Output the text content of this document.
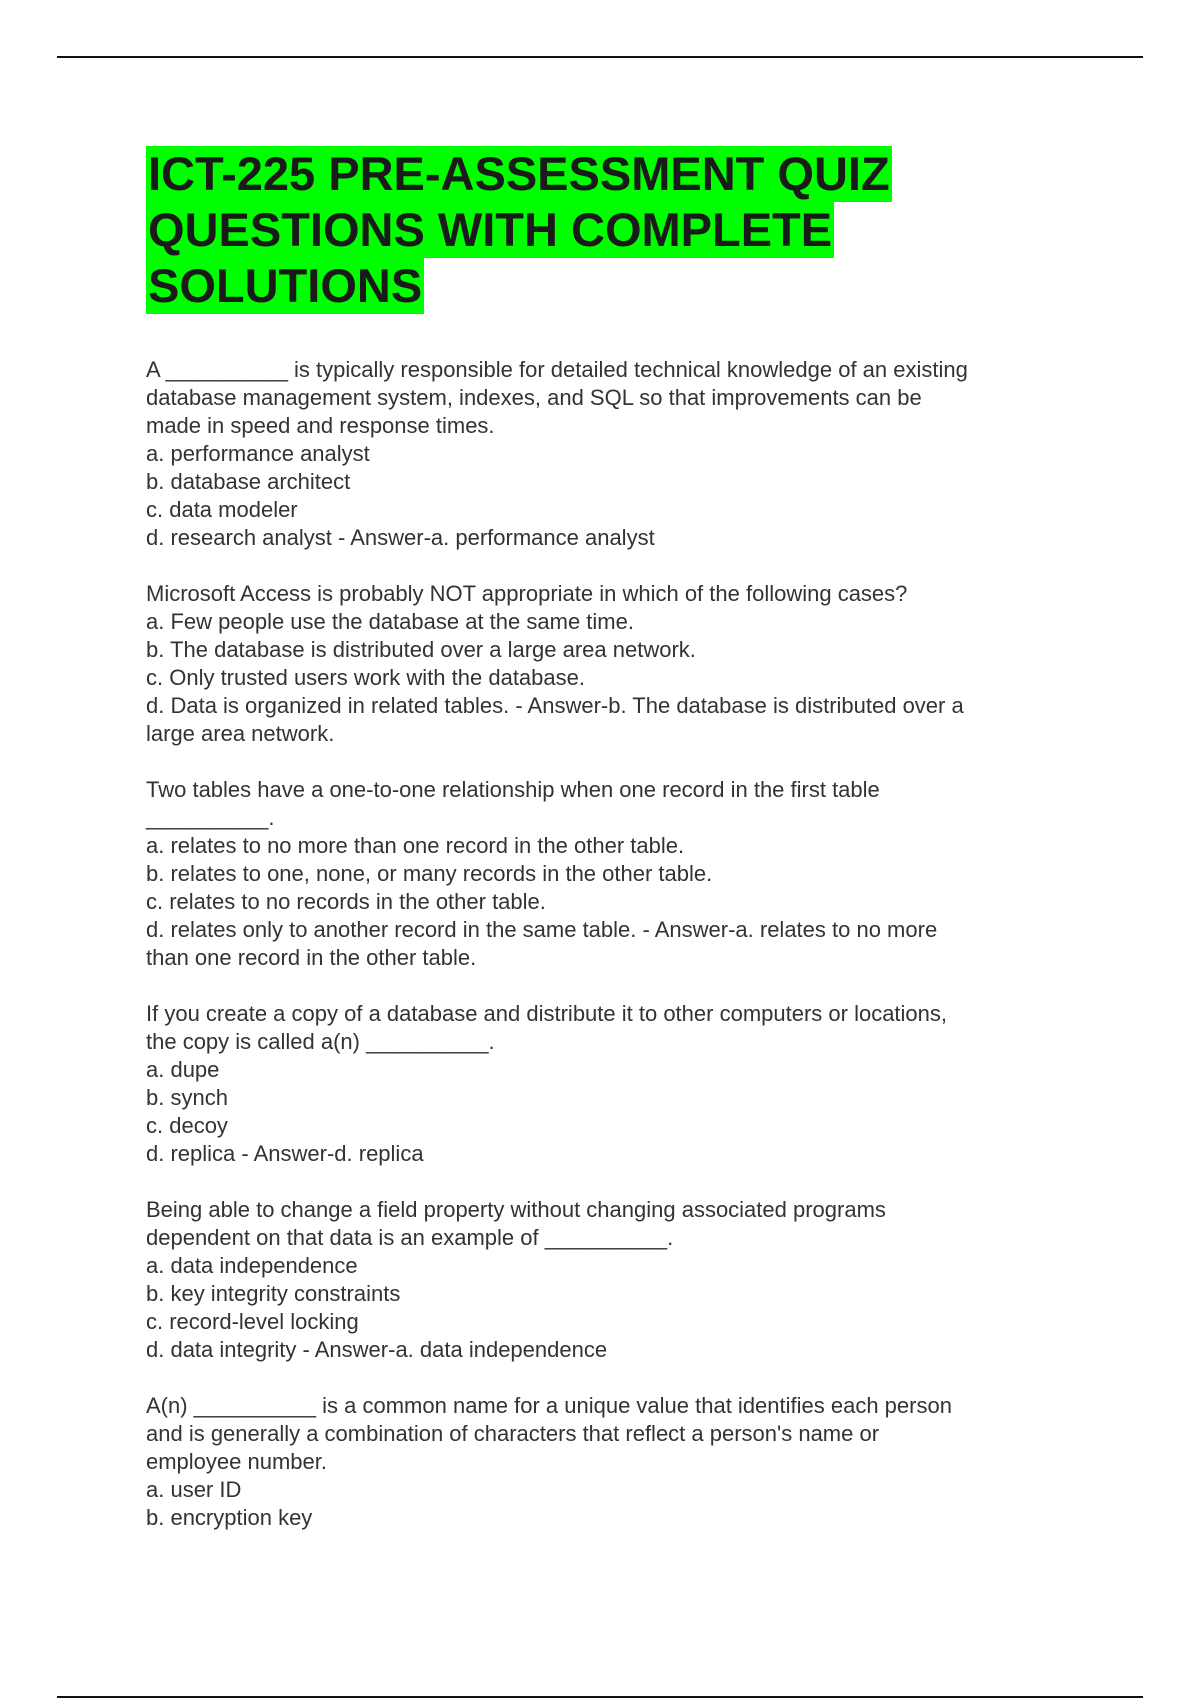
ICT-225 PRE-ASSESSMENT QUIZ
QUESTIONS WITH COMPLETE
SOLUTIONS
A __________ is typically responsible for detailed technical knowledge of an existing
database management system, indexes, and SQL so that improvements can be
made in speed and response times.
a. performance analyst
b. database architect
c. data modeler
d. research analyst - Answer-a. performance analyst
Microsoft Access is probably NOT appropriate in which of the following cases?
a. Few people use the database at the same time.
b. The database is distributed over a large area network.
c. Only trusted users work with the database.
d. Data is organized in related tables. - Answer-b. The database is distributed over a
large area network.
Two tables have a one-to-one relationship when one record in the first table
__________.
a. relates to no more than one record in the other table.
b. relates to one, none, or many records in the other table.
c. relates to no records in the other table.
d. relates only to another record in the same table. - Answer-a. relates to no more
than one record in the other table.
If you create a copy of a database and distribute it to other computers or locations,
the copy is called a(n) __________.
a. dupe
b. synch
c. decoy
d. replica - Answer-d. replica
Being able to change a field property without changing associated programs
dependent on that data is an example of __________.
a. data independence
b. key integrity constraints
c. record-level locking
d. data integrity - Answer-a. data independence
A(n) __________ is a common name for a unique value that identifies each person
and is generally a combination of characters that reflect a person's name or
employee number.
a. user ID
b. encryption key
